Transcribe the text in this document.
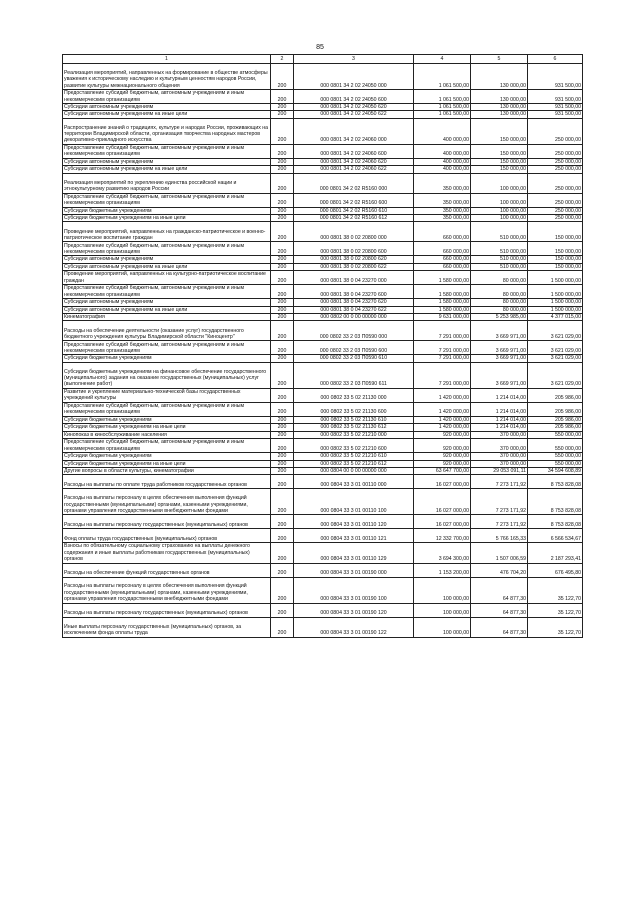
85
1	2	3	4	5	6
Реализация мероприятий, направленных на формирование в обществе атмосферы уважения к историческому наследию и культурным ценностям народов России, развитие культуры межнационального общения	200	000 0801 34 2 02 24050 000	1 061 500,00	130 000,00	931 500,00
Предоставление субсидий бюджетным, автономным учреждениям и иным некоммерческим организациям	200	000 0801 34 2 02 24050 600	1 061 500,00	130 000,00	931 500,00
Субсидии автономным учреждениям	200	000 0801 34 2 02 24050 620	1 061 500,00	130 000,00	931 500,00
Субсидии автономным учреждениям на иные цели	200	000 0801 34 2 02 24050 622	1 061 500,00	130 000,00	931 500,00
Распространение знаний о традициях, культуре и народах России, проживающих на территории Владимирской области, организация творчества народных мастеров декоративно-прикладного искусства	200	000 0801 34 2 02 24060 000	400 000,00	150 000,00	250 000,00
Предоставление субсидий бюджетным, автономным учреждениям и иным некоммерческим организациям	200	000 0801 34 2 02 24060 600	400 000,00	150 000,00	250 000,00
Субсидии автономным учреждениям	200	000 0801 34 2 02 24060 620	400 000,00	150 000,00	250 000,00
Субсидии автономным учреждениям на иные цели	200	000 0801 34 2 02 24060 622	400 000,00	150 000,00	250 000,00
Реализация мероприятий по укреплению единства российской нации и этнокультурному развитию народов России	200	000 0801 34 2 02 R5160 000	350 000,00	100 000,00	250 000,00
Предоставление субсидий бюджетным, автономным учреждениям и иным некоммерческим организациям	200	000 0801 34 2 02 R5160 600	350 000,00	100 000,00	250 000,00
Субсидии бюджетным учреждениям	200	000 0801 34 2 02 R5160 610	350 000,00	100 000,00	250 000,00
Субсидии бюджетным учреждениям на иные цели	200	000 0801 34 2 02 R5160 612	350 000,00	100 000,00	250 000,00
Проведение мероприятий, направленных на гражданско-патриотическое и военно-патриотическое воспитание граждан	200	000 0801 38 0 02 20800 000	660 000,00	510 000,00	150 000,00
Предоставление субсидий бюджетным, автономным учреждениям и иным некоммерческим организациям	200	000 0801 38 0 02 20800 600	660 000,00	510 000,00	150 000,00
Субсидии автономным учреждениям	200	000 0801 38 0 02 20800 620	660 000,00	510 000,00	150 000,00
Субсидии автономным учреждениям на иные цели	200	000 0801 38 0 02 20800 622	660 000,00	510 000,00	150 000,00
Проведение мероприятий, направленных на культурно-патриотическое воспитание граждан	200	000 0801 38 0 04 23270 000	1 580 000,00	80 000,00	1 500 000,00
Предоставление субсидий бюджетным, автономным учреждениям и иным некоммерческим организациям	200	000 0801 38 0 04 23270 600	1 580 000,00	80 000,00	1 500 000,00
Субсидии автономным учреждениям	200	000 0801 38 0 04 23270 620	1 580 000,00	80 000,00	1 500 000,00
Субсидии автономным учреждениям на иные цели	200	000 0801 38 0 04 23270 622	1 580 000,00	80 000,00	1 500 000,00
Кинематография	200	000 0802 00 0 00 00000 000	9 631 000,00	5 253 985,00	4 377 015,00
Расходы на обеспечение деятельности (оказание услуг) государственного бюджетного учреждения культуры Владимирской области "Киноцентр"	200	000 0802 33 2 03 П0590 000	7 291 000,00	3 669 971,00	3 621 029,00
Предоставление субсидий бюджетным, автономным учреждениям и иным некоммерческим организациям	200	000 0802 33 2 03 П0590 600	7 291 000,00	3 669 971,00	3 621 029,00
Субсидии бюджетным учреждениям	200	000 0802 33 2 03 П0590 610	7 291 000,00	3 669 971,00	3 621 029,00
Субсидии бюджетным учреждениям на финансовое обеспечение государственного (муниципального) задания на оказание государственных (муниципальных) услуг (выполнение работ)	200	000 0802 33 2 03 П0590 611	7 291 000,00	3 669 971,00	3 621 029,00
Развитие и укрепление материально-технической базы государственных учреждений культуры	200	000 0802 33 5 02 21130 000	1 420 000,00	1 214 014,00	205 986,00
Предоставление субсидий бюджетным, автономным учреждениям и иным некоммерческим организациям	200	000 0802 33 5 02 21130 600	1 420 000,00	1 214 014,00	205 986,00
Субсидии бюджетным учреждениям	200	000 0802 33 5 02 21130 610	1 420 000,00	1 214 014,00	205 986,00
Субсидии бюджетным учреждениям на иные цели	200	000 0802 33 5 02 21130 612	1 420 000,00	1 214 014,00	205 986,00
Кинопоказ в киносбслуживание населения	200	000 0802 33 5 02 21210 000	920 000,00	370 000,00	550 000,00
Предоставление субсидий бюджетным, автономным учреждениям и иным некоммерческим организациям	200	000 0802 33 5 02 21210 600	920 000,00	370 000,00	550 000,00
Субсидии бюджетным учреждениям	200	000 0802 33 5 02 21210 610	920 000,00	370 000,00	550 000,00
Субсидии бюджетным учреждениям на иные цели	200	000 0802 33 5 02 21210 612	920 000,00	370 000,00	550 000,00
Другие вопросы в области культуры, кинематографии	200	000 0804 00 0 00 00000 000	63 647 700,00	29 053 091,11	34 594 608,89
Расходы на выплаты по оплате труда работников государственных органов	200	000 0804 33 3 01 00110 000	16 027 000,00	7 273 171,92	8 753 828,08
Расходы на выплаты персоналу в целях обеспечения выполнения функций государственными (муниципальными) органами, казенными учреждениями, органами управления государственными внебюджетными фондами	200	000 0804 33 3 01 00110 100	16 027 000,00	7 273 171,92	8 753 828,08
Расходы на выплаты персоналу государственных (муниципальных) органов	200	000 0804 33 3 01 00110 120	16 027 000,00	7 273 171,92	8 753 828,08
Фонд оплаты труда государственных (муниципальных) органов	200	000 0804 33 3 01 00110 121	12 332 700,00	5 766 165,33	6 566 534,67
Взносы по обязательному социальному страхованию на выплаты денежного содержания и иные выплаты работникам государственных (муниципальных) органов	200	000 0804 33 3 01 00110 129	3 694 300,00	1 507 006,59	2 187 293,41
Расходы на обеспечение функций государственных органов	200	000 0804 33 3 01 00190 000	1 153 200,00	476 704,20	676 495,80
Расходы на выплаты персоналу в целях обеспечения выполнения функций государственными (муниципальными) органами, казенными учреждениями, органами управления государственными внебюджетными фондами	200	000 0804 33 3 01 00190 100	100 000,00	64 877,30	35 122,70
Расходы на выплаты персоналу государственных (муниципальных) органов	200	000 0804 33 3 01 00190 120	100 000,00	64 877,30	35 122,70
Иные выплаты персоналу государственных (муниципальных) органов, за исключением фонда оплаты труда	200	000 0804 33 3 01 00190 122	100 000,00	64 877,30	35 122,70
